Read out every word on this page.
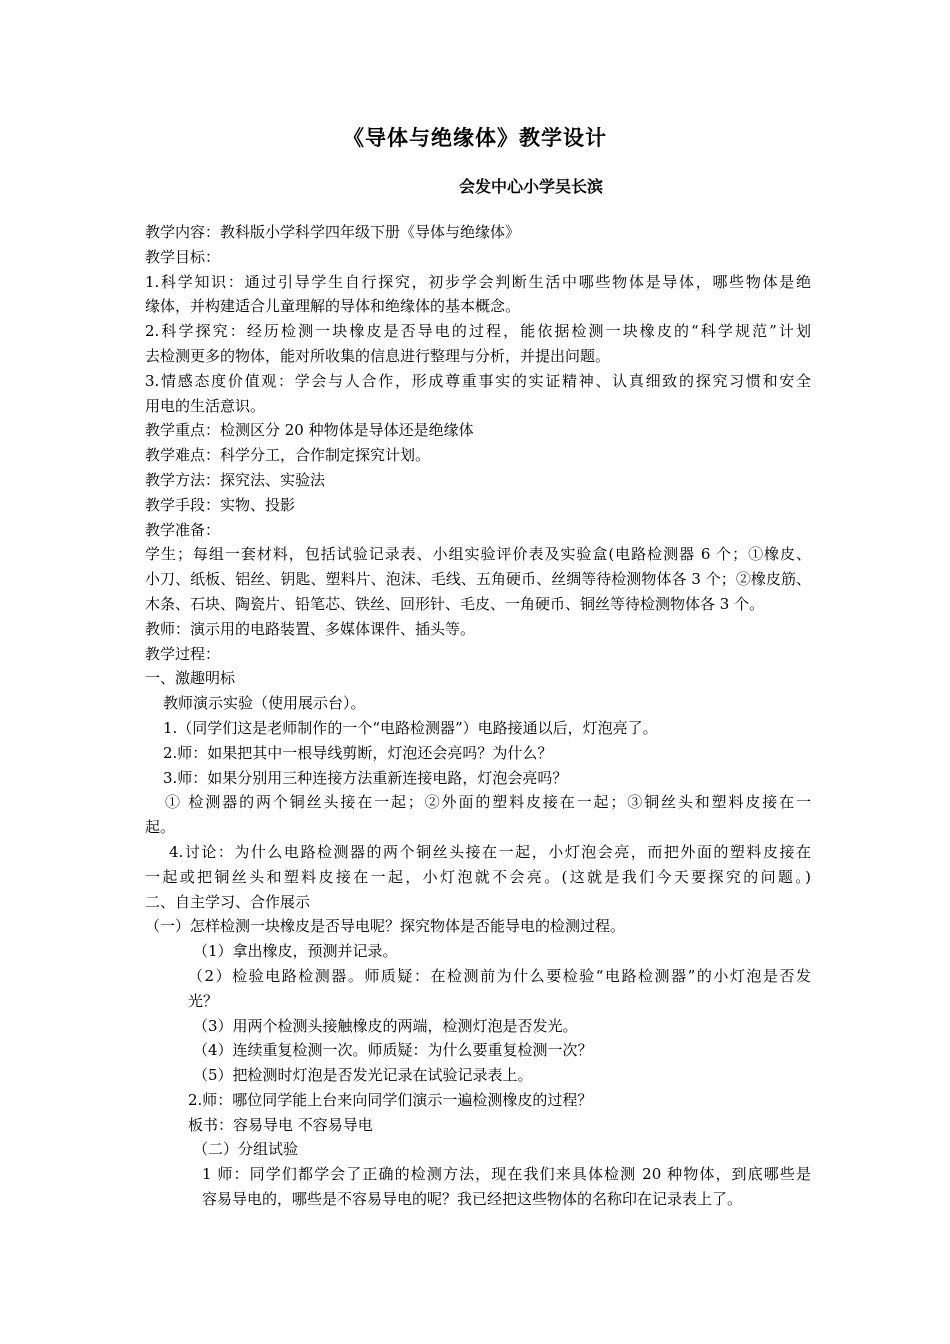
《导体与绝缘体》教学设计
会发中心小学吴长滨
教学内容：教科版小学科学四年级下册《导体与绝缘体》
教学目标：
1.科学知识：通过引导学生自行探究，初步学会判断生活中哪些物体是导体，哪些物体是绝
缘体，并构建适合儿童理解的导体和绝缘体的基本概念。
2.科学探究：经历检测一块橡皮是否导电的过程，能依据检测一块橡皮的“科学规范”计划
去检测更多的物体，能对所收集的信息进行整理与分析，并提出问题。
3.情感态度价值观：学会与人合作，形成尊重事实的实证精神、认真细致的探究习惯和安全
用电的生活意识。
教学重点：检测区分 20 种物体是导体还是绝缘体
教学难点：科学分工，合作制定探究计划。
教学方法：探究法、实验法
教学手段：实物、投影
教学准备：
学生；每组一套材料，包括试验记录表、小组实验评价表及实验盒(电路检测器 6 个；①橡皮、
小刀、纸板、铝丝、钥匙、塑料片、泡沫、毛线、五角硬币、丝绸等待检测物体各 3 个；②橡皮筋、
木条、石块、陶瓷片、铅笔芯、铁丝、回形针、毛皮、一角硬币、铜丝等待检测物体各 3 个。
教师：演示用的电路装置、多媒体课件、插头等。
教学过程：
一、激趣明标
教师演示实验（使用展示台）。
1.（同学们这是老师制作的一个“电路检测器”）电路接通以后，灯泡亮了。
2.师：如果把其中一根导线剪断，灯泡还会亮吗？为什么？
3.师：如果分别用三种连接方法重新连接电路，灯泡会亮吗？
① 检测器的两个铜丝头接在一起；②外面的塑料皮接在一起；③铜丝头和塑料皮接在一
起。
4.讨论：为什么电路检测器的两个铜丝头接在一起，小灯泡会亮，而把外面的塑料皮接在
一起或把铜丝头和塑料皮接在一起，小灯泡就不会亮。(这就是我们今天要探究的问题。)
二、自主学习、合作展示
（一）怎样检测一块橡皮是否导电呢？探究物体是否能导电的检测过程。
（1）拿出橡皮，预测并记录。
（2）检验电路检测器。师质疑：在检测前为什么要检验“电路检测器”的小灯泡是否发
光？
（3）用两个检测头接触橡皮的两端，检测灯泡是否发光。
（4）连续重复检测一次。师质疑：为什么要重复检测一次？
（5）把检测时灯泡是否发光记录在试验记录表上。
2.师：哪位同学能上台来向同学们演示一遍检测橡皮的过程？
板书：容易导电 不容易导电
（二）分组试验
1 师：同学们都学会了正确的检测方法，现在我们来具体检测 20 种物体，到底哪些是
容易导电的，哪些是不容易导电的呢？我已经把这些物体的名称印在记录表上了。
